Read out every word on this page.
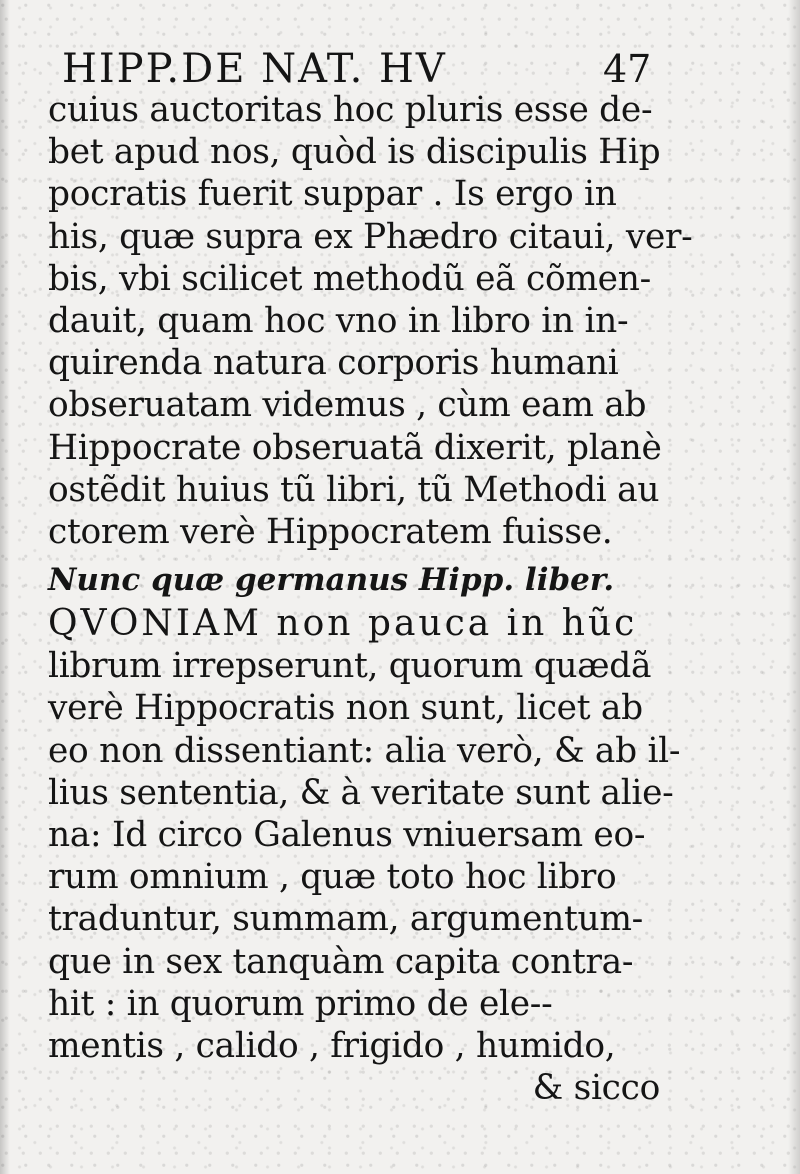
HIPP.DE NAT. HV	47

cuius auctoritas hoc pluris esse de-

bet apud nos, quòd is discipulis Hip

pocratis fuerit suppar . Is ergo in

his, quæ supra ex Phædro citaui, ver-

bis, vbi scilicet methodũ eã cõmen-

dauit, quam hoc vno in libro in in-

quirenda natura corporis humani

obseruatam videmus , cùm eam ab

Hippocrate obseruatã dixerit, planè

ostẽdit huius tũ libri, tũ Methodi au

ctorem verè Hippocratem fuisse.

Nunc quæ germanus Hipp. liber.

QVONIAM non pauca in hũc

librum irrepserunt, quorum quædã

verè Hippocratis non sunt, licet ab

eo non dissentiant: alia verò, & ab il-

lius sententia, & à veritate sunt alie-

na: Id circo Galenus vniuersam eo-

rum omnium , quæ toto hoc libro

traduntur, summam, argumentum-

que in sex tanquàm capita contra-

hit : in quorum primo de ele--

mentis , calido , frigido , humido,

& sicco
